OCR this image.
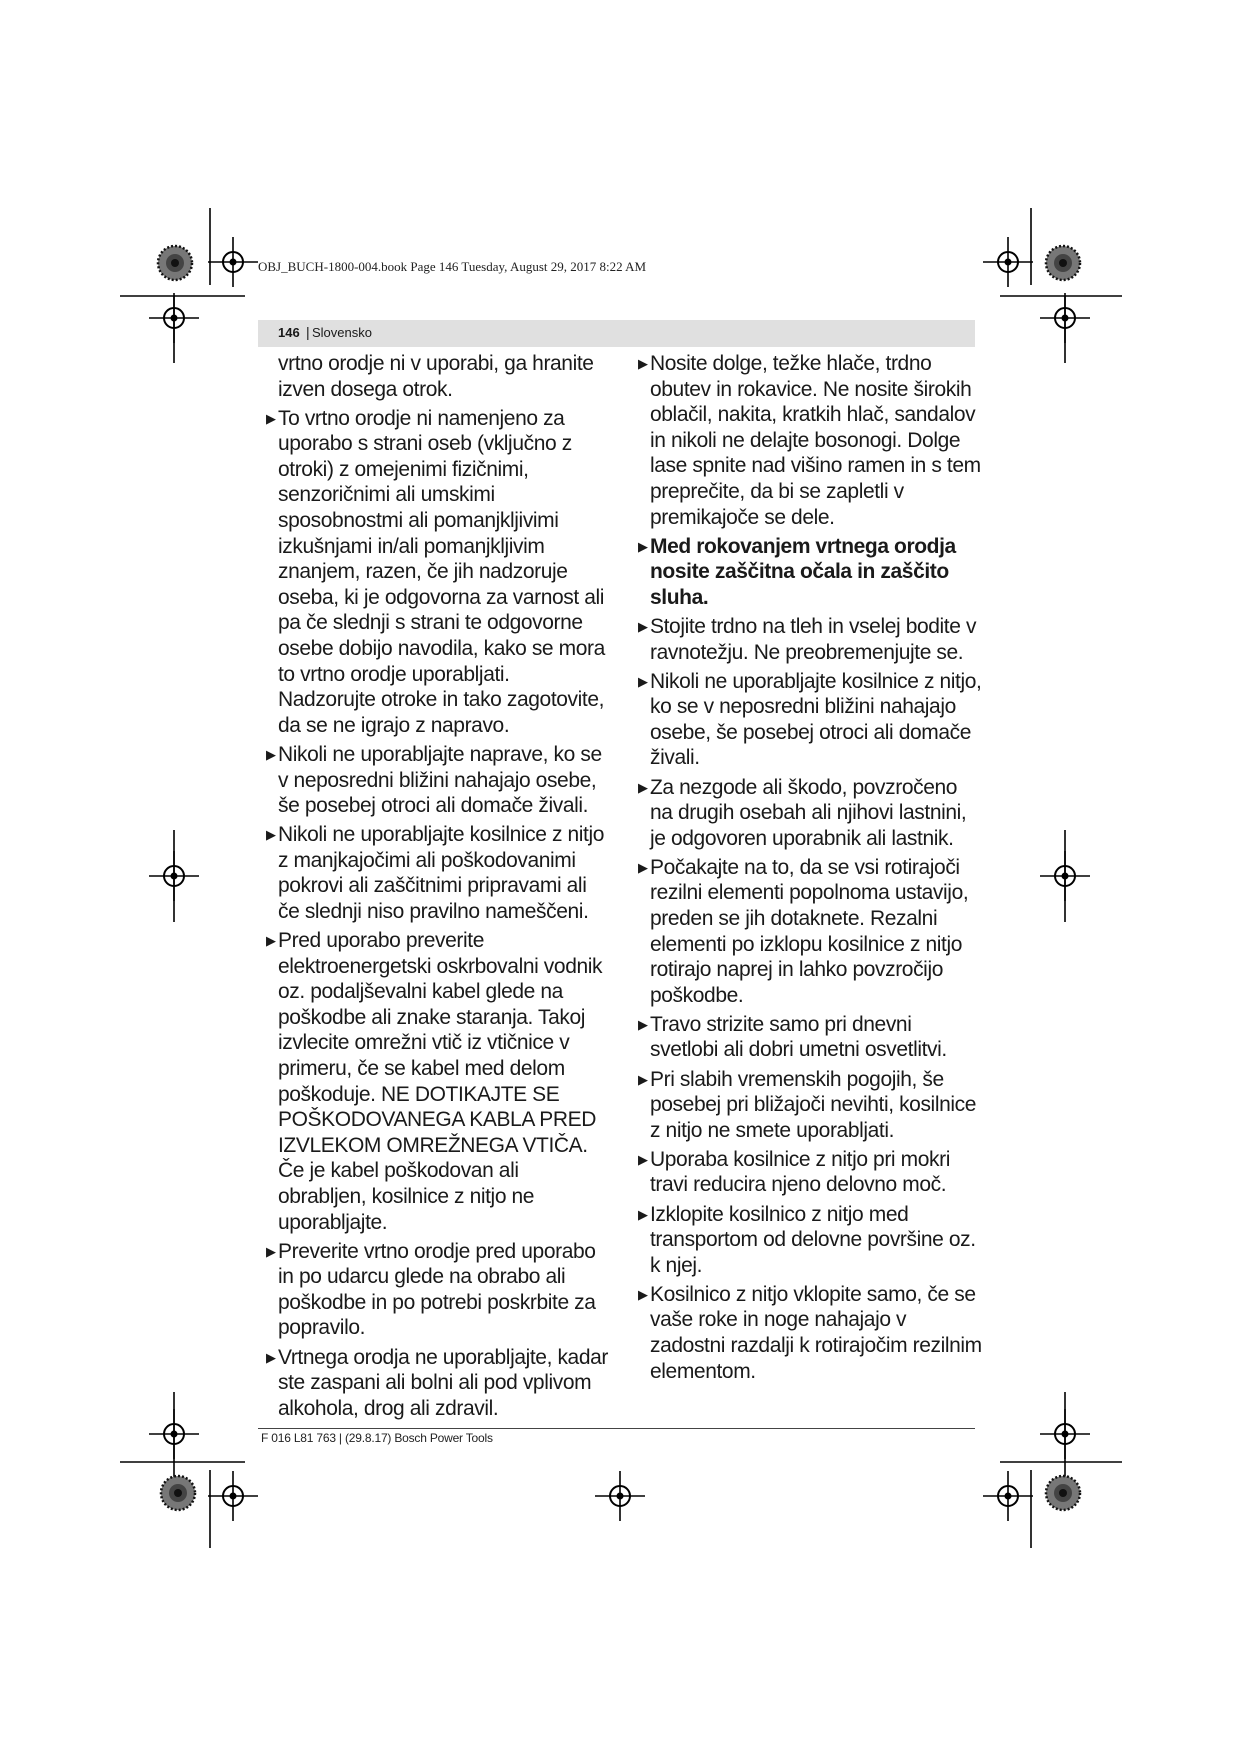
OBJ_BUCH-1800-004.book Page 146 Tuesday, August 29, 2017 8:22 AM
146 | Slovensko
vrtno orodje ni v uporabi, ga hranite izven dosega otrok.
▶ To vrtno orodje ni namenjeno za uporabo s strani oseb (vključno z otroki) z omejenimi fizičnimi, senzoričnimi ali umskimi sposobnostmi ali pomanjkljivimi izkušnjami in/ali pomanjkljivim znanjem, razen, če jih nadzoruje oseba, ki je odgovorna za varnost ali pa če slednji s strani te odgovorne osebe dobijo navodila, kako se mora to vrtno orodje uporabljati. Nadzorujte otroke in tako zagotovite, da se ne igrajo z napravo.
▶ Nikoli ne uporabljajte naprave, ko se v neposredni bližini nahajajo osebe, še posebej otroci ali domače živali.
▶ Nikoli ne uporabljajte kosilnice z nitjo z manjkajočimi ali poškodovanimi pokrovi ali zaščitnimi pripravami ali če slednji niso pravilno nameščeni.
▶ Pred uporabo preverite elektroenergetski oskrbovalni vodnik oz. podaljševalni kabel glede na poškodbe ali znake staranja. Takoj izvlecite omrežni vtič iz vtičnice v primeru, če se kabel med delom poškoduje. NE DOTIKAJTE SE POŠKODOVANEGA KABLA PRED IZVLEKOM OMREŽNEGA VTIČA. Če je kabel poškodovan ali obrabljen, kosilnice z nitjo ne uporabljajte.
▶ Preverite vrtno orodje pred uporabo in po udarcu glede na obrabo ali poškodbe in po potrebi poskrbite za popravilo.
▶ Vrtnega orodja ne uporabljajte, kadar ste zaspani ali bolni ali pod vplivom alkohola, drog ali zdravil.
▶ Nosite dolge, težke hlače, trdno obutev in rokavice. Ne nosite širokih oblačil, nakita, kratkih hlač, sandalov in nikoli ne delajte bosonogi. Dolge lase spnite nad višino ramen in s tem preprečite, da bi se zapletli v premikajoče se dele.
▶ Med rokovanjem vrtnega orodja nosite zaščitna očala in zaščito sluha.
▶ Stojite trdno na tleh in vselej bodite v ravnotežju. Ne preobremenjujte se.
▶ Nikoli ne uporabljajte kosilnice z nitjo, ko se v neposredni bližini nahajajo osebe, še posebej otroci ali domače živali.
▶ Za nezgode ali škodo, povzročeno na drugih osebah ali njihovi lastnini, je odgovoren uporabnik ali lastnik.
▶ Počakajte na to, da se vsi rotirajoči rezilni elementi popolnoma ustavijo, preden se jih dotaknete. Rezalni elementi po izklopu kosilnice z nitjo rotirajo naprej in lahko povzročijo poškodbe.
▶ Travo strizite samo pri dnevni svetlobi ali dobri umetni osvetlitvi.
▶ Pri slabih vremenskih pogojih, še posebej pri bližajoči nevihti, kosilnice z nitjo ne smete uporabljati.
▶ Uporaba kosilnice z nitjo pri mokri travi reducira njeno delovno moč.
▶ Izklopite kosilnico z nitjo med transportom od delovne površine oz. k njej.
▶ Kosilnico z nitjo vklopite samo, če se vaše roke in noge nahajajo v zadostni razdalji k rotirajočim rezilnim elementom.
F 016 L81 763 | (29.8.17) Bosch Power Tools
